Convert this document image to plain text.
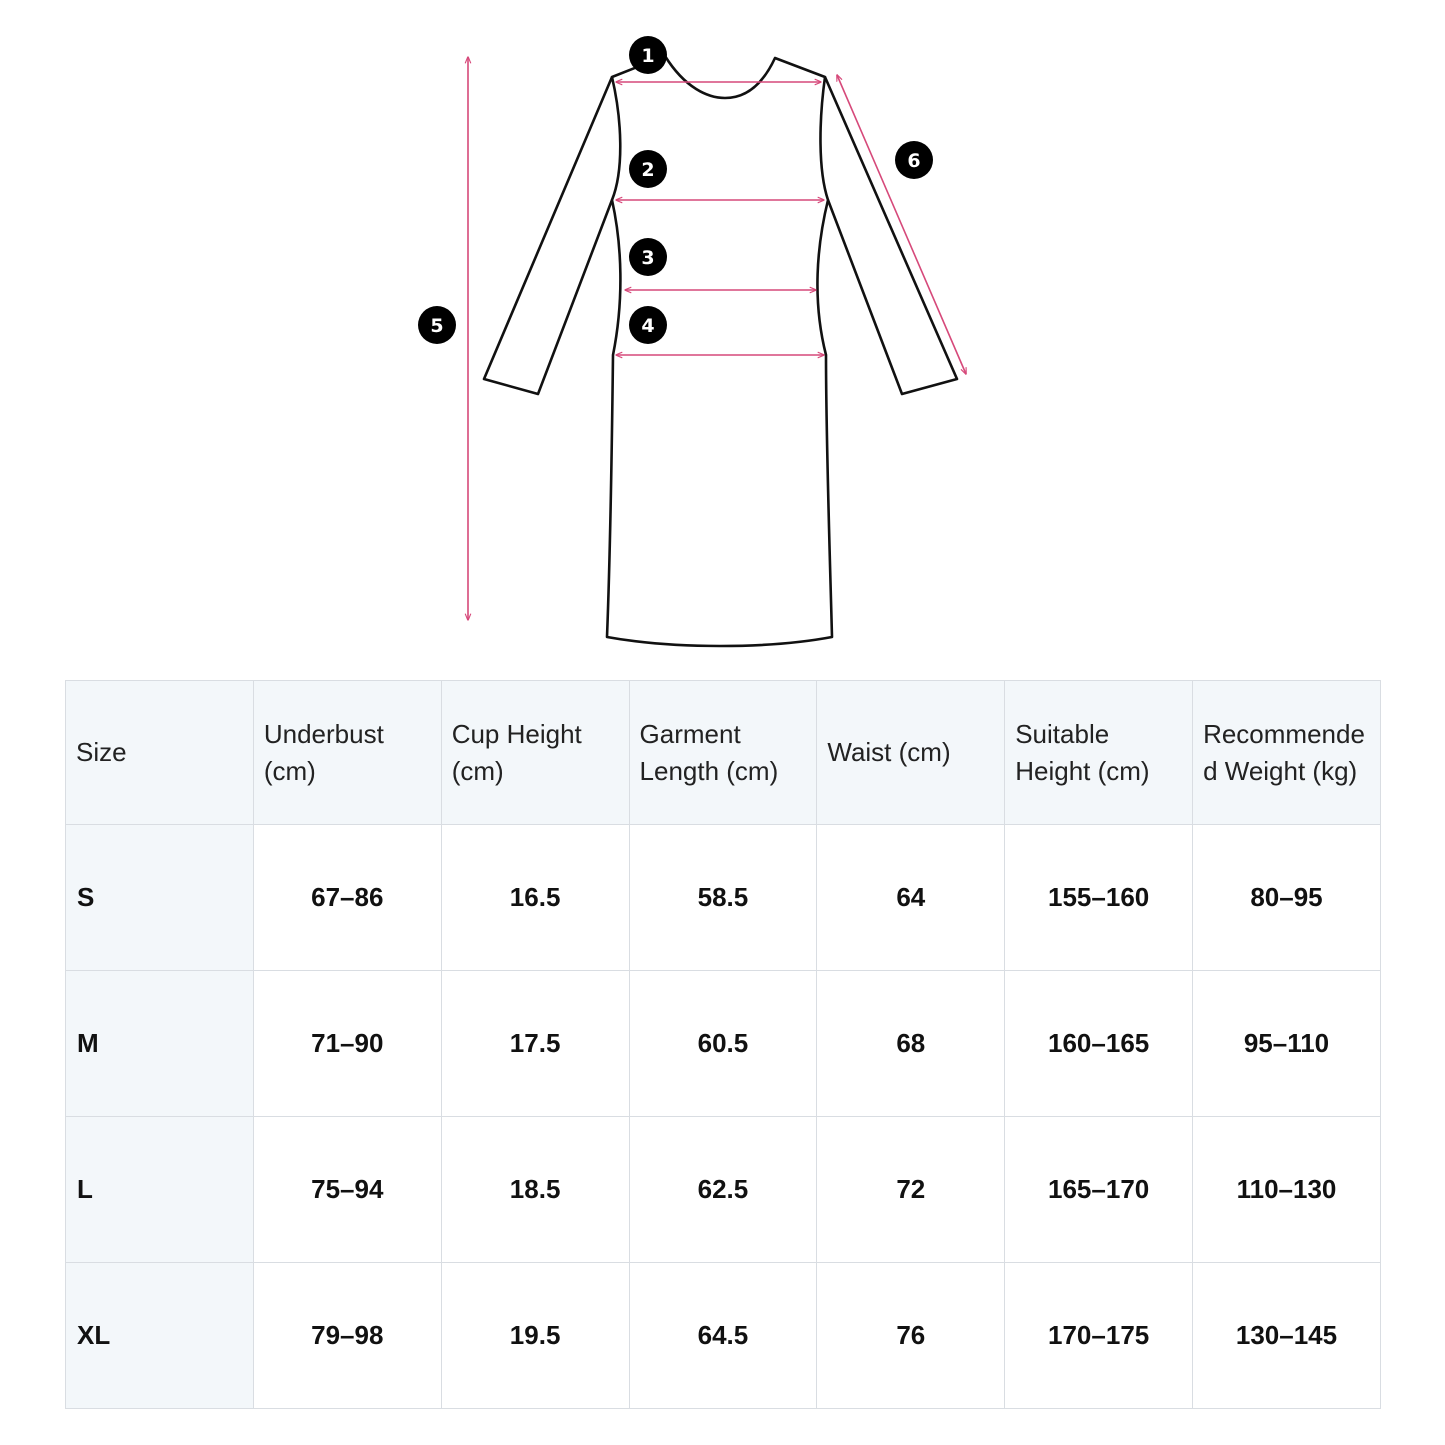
1
2
3
4
5
6
Size	Underbust (cm)	Cup Height (cm)	Garment Length (cm)	Waist (cm)	Suitable Height (cm)	Recommended Weight (kg)
S	67–86	16.5	58.5	64	155–160	80–95
M	71–90	17.5	60.5	68	160–165	95–110
L	75–94	18.5	62.5	72	165–170	110–130
XL	79–98	19.5	64.5	76	170–175	130–145
